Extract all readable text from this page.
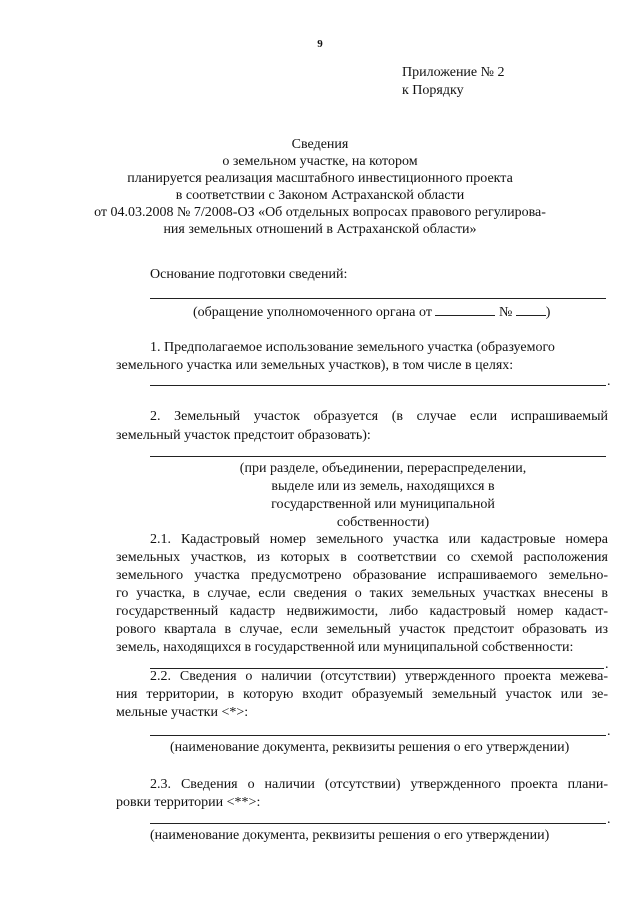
9
Приложение № 2
к Порядку
Сведения
о земельном участке, на котором
планируется реализация масштабного инвестиционного проекта
в соответствии с Законом Астраханской области
от 04.03.2008 № 7/2008-ОЗ «Об отдельных вопросах правового регулирова-
ния земельных отношений в Астраханской области»
Основание подготовки сведений:
(обращение уполномоченного органа от	№ )
1. Предполагаемое использование земельного участка (образуемого
земельного участка или земельных участков), в том числе в целях:
.
2. Земельный участок образуется (в случае если испрашиваемый
земельный участок предстоит образовать):
(при разделе, объединении, перераспределении,
выделе или из земель, находящихся в
государственной или муниципальной
собственности)
2.1. Кадастровый номер земельного участка или кадастровые номера
земельных участков, из которых в соответствии со схемой расположения
земельного участка предусмотрено образование испрашиваемого земельно-
го участка, в случае, если сведения о таких земельных участках внесены в
государственный кадастр недвижимости, либо кадастровый номер кадаст-
рового квартала в случае, если земельный участок предстоит образовать из
земель, находящихся в государственной или муниципальной собственности:
.
2.2. Сведения о наличии (отсутствии) утвержденного проекта межева-
ния территории, в которую входит образуемый земельный участок или зе-
мельные участки <*>:
.
(наименование документа, реквизиты решения о его утверждении)
2.3. Сведения о наличии (отсутствии) утвержденного проекта плани-
ровки территории <**>:
.
(наименование документа, реквизиты решения о его утверждении)
